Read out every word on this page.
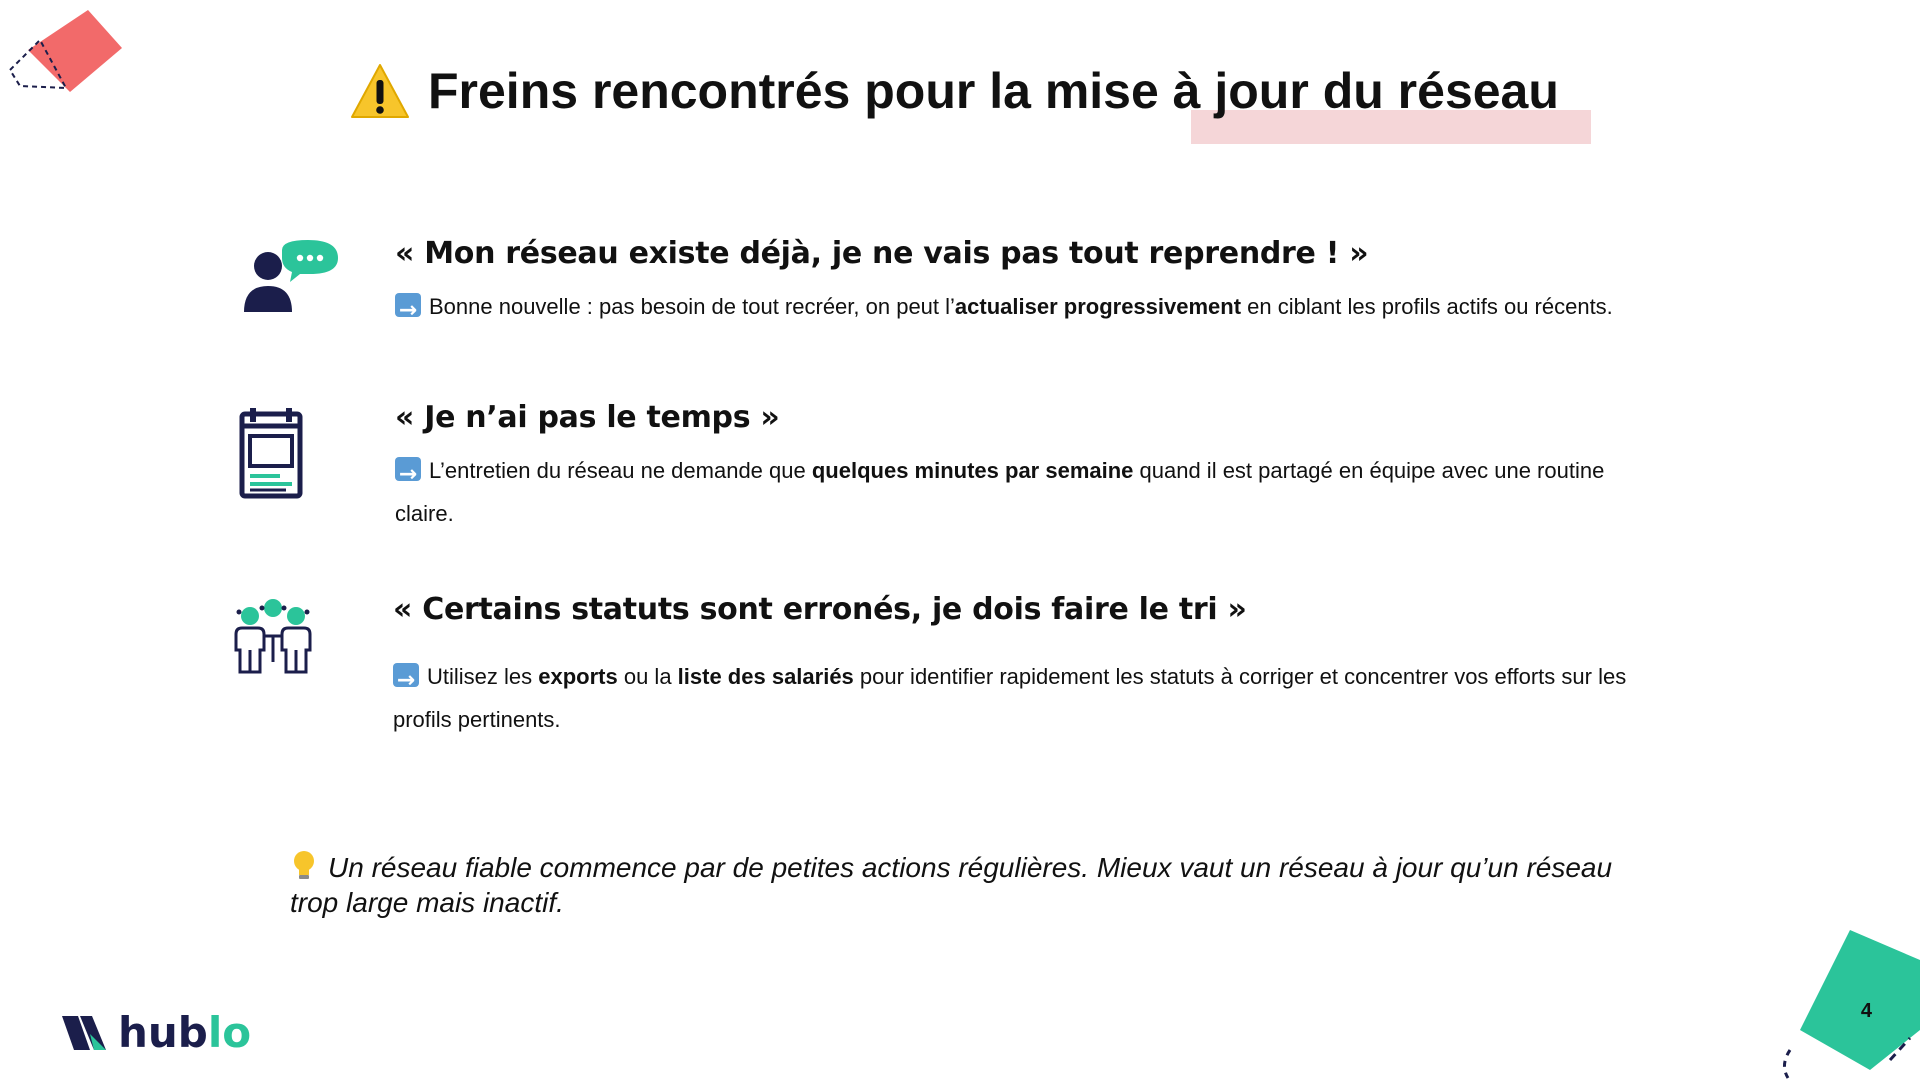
Freins rencontrés pour la mise à jour du réseau
« Mon réseau existe déjà, je ne vais pas tout reprendre ! »

→Bonne nouvelle : pas besoin de tout recréer, on peut l’actualiser progressivement en ciblant les profils actifs ou récents.

« Je n’ai pas le temps »

→L’entretien du réseau ne demande que quelques minutes par semaine quand il est partagé en équipe avec une routine claire.

« Certains statuts sont erronés, je dois faire le tri »

→Utilisez les exports ou la liste des salariés pour identifier rapidement les statuts à corriger et concentrer vos efforts sur les profils pertinents.

Un réseau fiable commence par de petites actions régulières. Mieux vaut un réseau à jour qu’un réseau trop large mais inactif.
hublo	4
